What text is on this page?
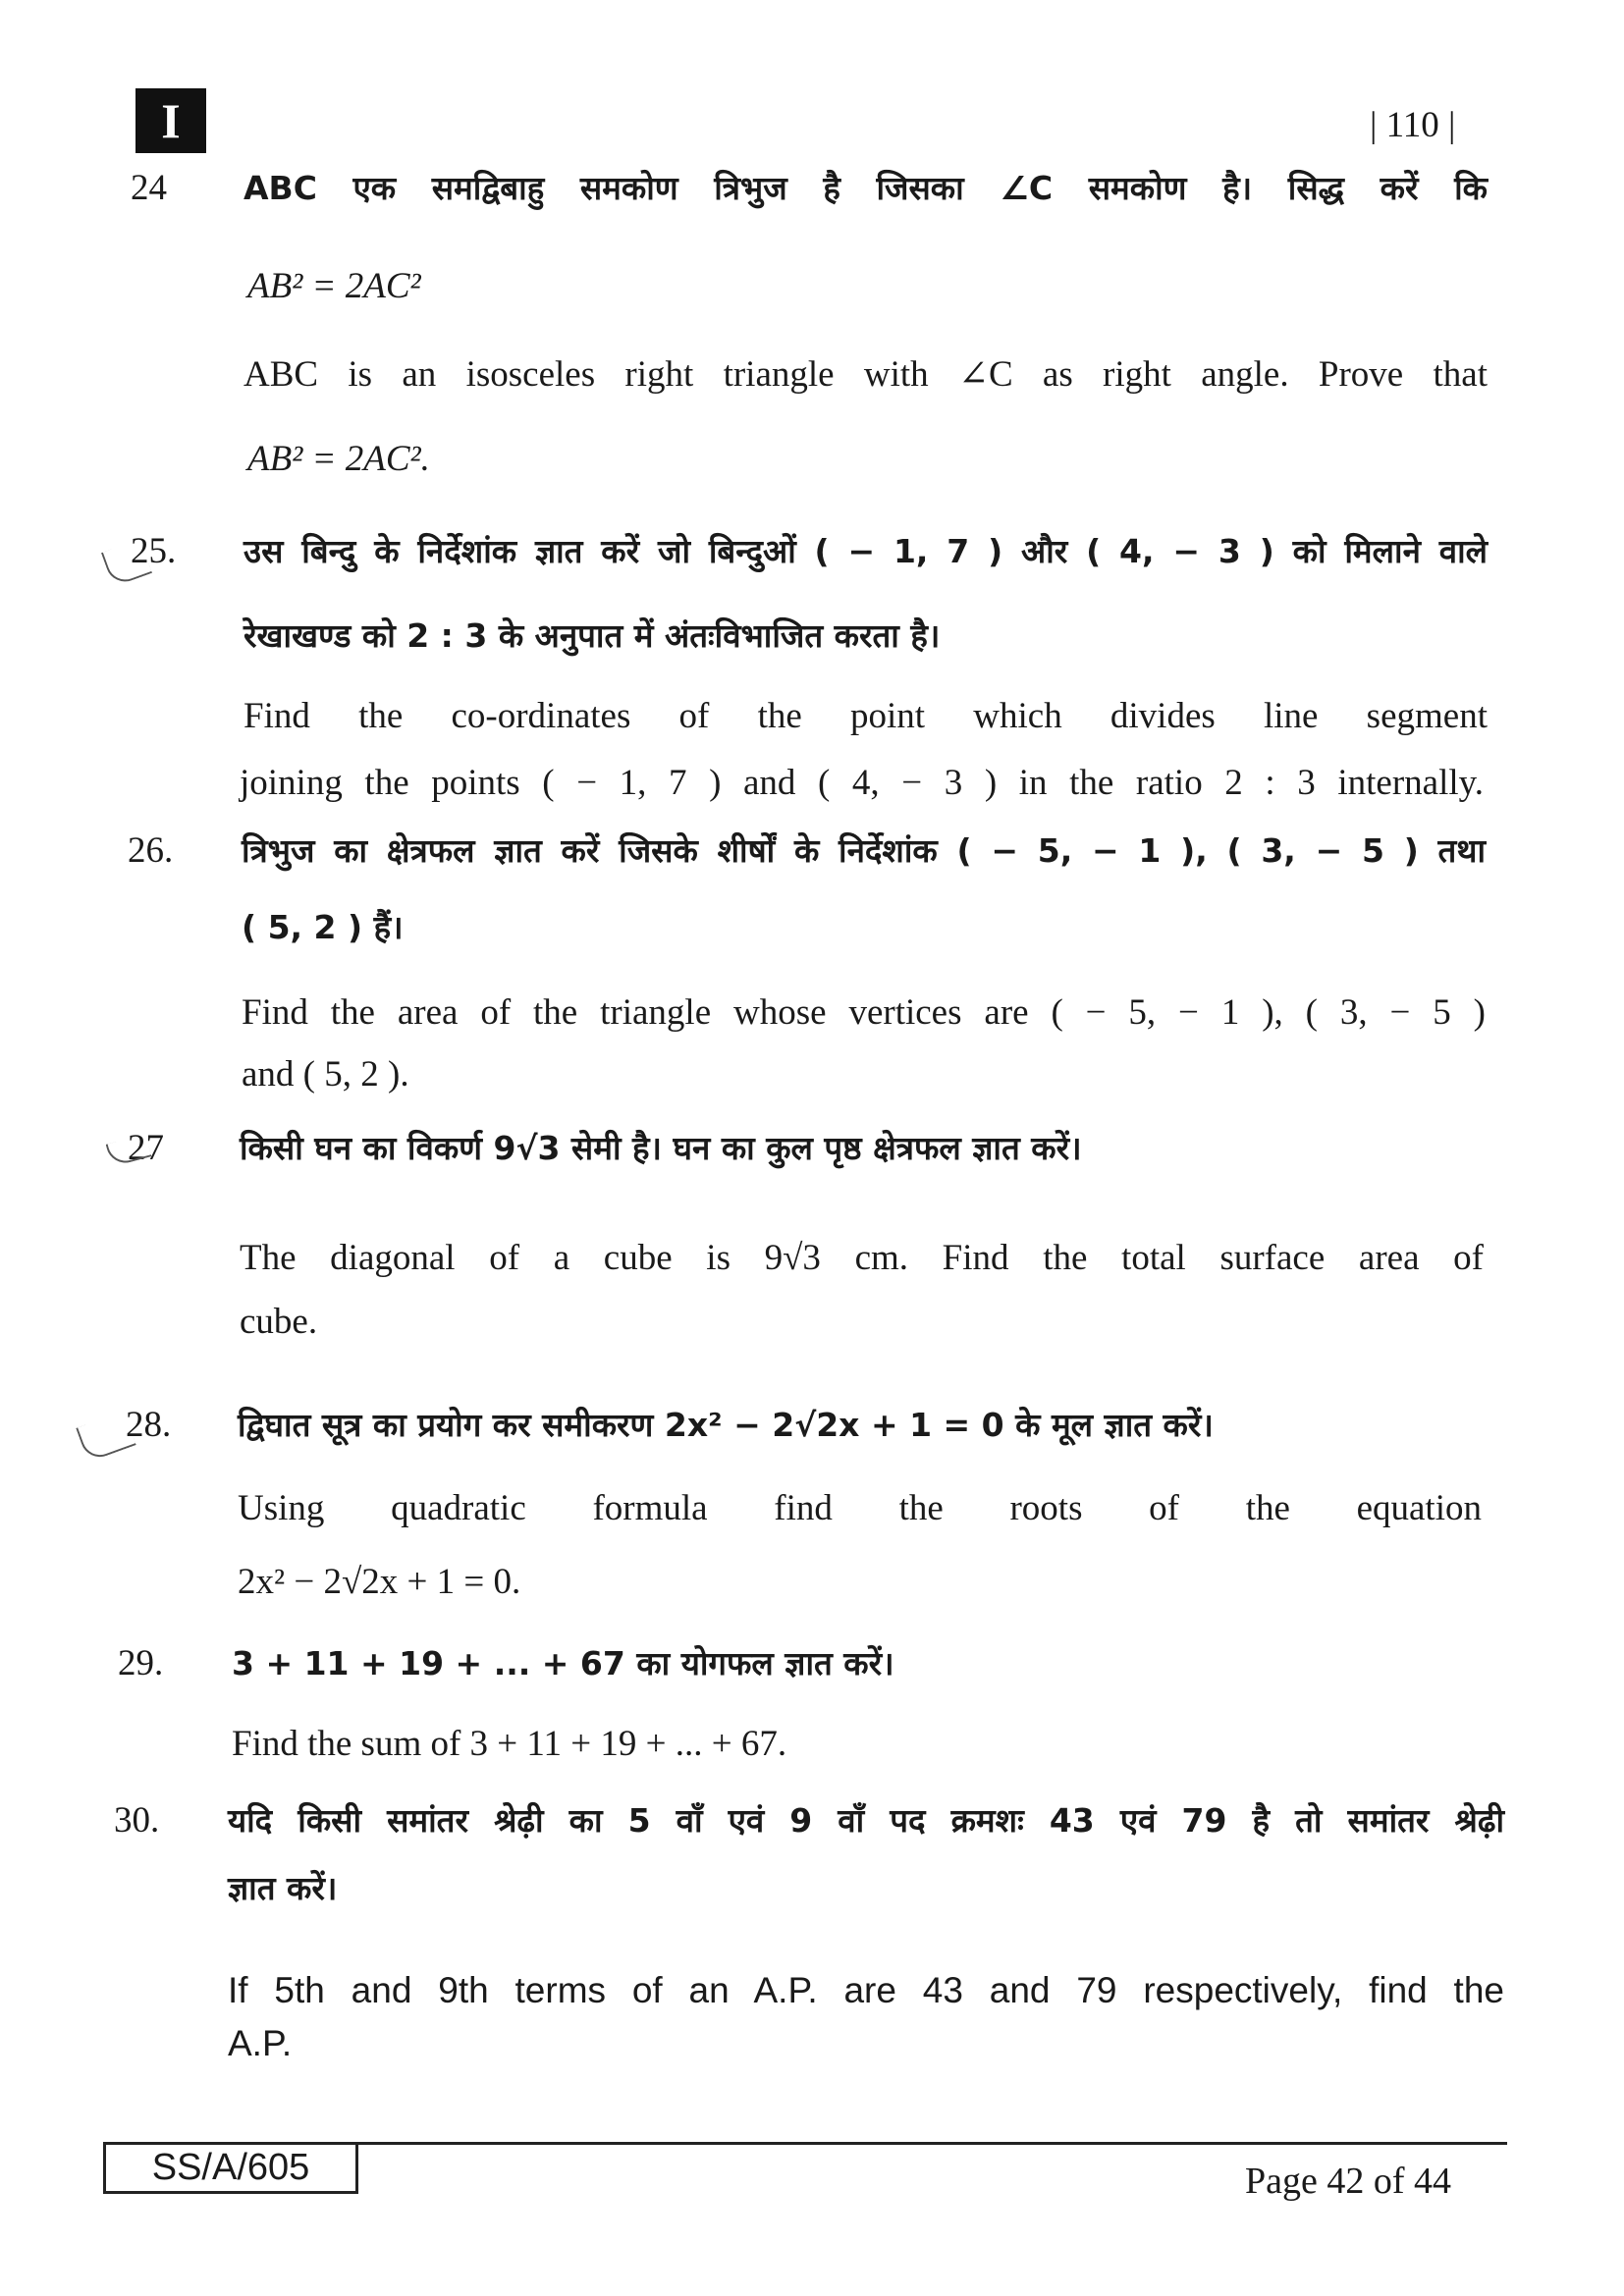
I	| 110 |
24 ABC एक समद्विबाहु समकोण त्रिभुज है जिसका ∠C समकोण है। सिद्ध करें कि
AB² = 2AC²
ABC is an isosceles right triangle with ∠C as right angle. Prove that
AB² = 2AC².
25. उस बिन्दु के निर्देशांक ज्ञात करें जो बिन्दुओं ( − 1, 7 ) और ( 4, − 3 ) को मिलाने वाले
रेखाखण्ड को 2 : 3 के अनुपात में अंतःविभाजित करता है।
Find the co-ordinates of the point which divides line segment
joining the points ( − 1, 7 ) and ( 4, − 3 ) in the ratio 2 : 3 internally.
26. त्रिभुज का क्षेत्रफल ज्ञात करें जिसके शीर्षों के निर्देशांक ( − 5, − 1 ), ( 3, − 5 ) तथा
( 5, 2 ) हैं।
Find the area of the triangle whose vertices are ( − 5, − 1 ), ( 3, − 5 )
and ( 5, 2 ).
27 किसी घन का विकर्ण 9√3 सेमी है। घन का कुल पृष्ठ क्षेत्रफल ज्ञात करें।
The diagonal of a cube is 9√3 cm. Find the total surface area of
cube.
28. द्विघात सूत्र का प्रयोग कर समीकरण 2x² − 2√2x + 1 = 0 के मूल ज्ञात करें।
Using quadratic formula find the roots of the equation
2x² − 2√2x + 1 = 0.
29. 3 + 11 + 19 + ... + 67 का योगफल ज्ञात करें।
Find the sum of 3 + 11 + 19 + ... + 67.
30. यदि किसी समांतर श्रेढ़ी का 5 वाँ एवं 9 वाँ पद क्रमशः 43 एवं 79 है तो समांतर श्रेढ़ी
ज्ञात करें।
If 5th and 9th terms of an A.P. are 43 and 79 respectively, find the
A.P.
SS/A/605	Page 42 of 44
